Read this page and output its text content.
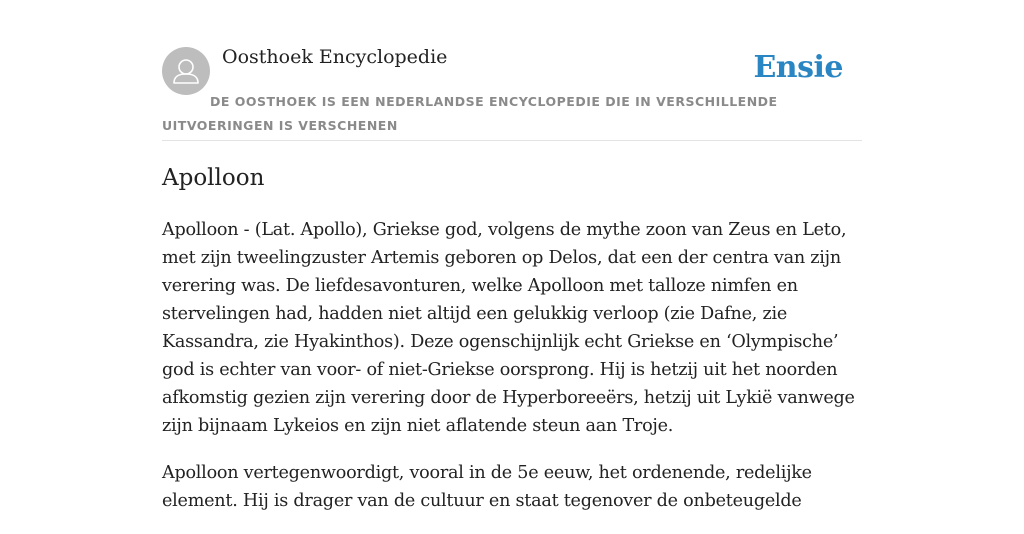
Oosthoek Encyclopedie	Ensie
DE OOSTHOEK IS EEN NEDERLANDSE ENCYCLOPEDIE DIE IN VERSCHILLENDE UITVOERINGEN IS VERSCHENEN
Apolloon

Apolloon - (Lat. Apollo), Griekse god, volgens de mythe zoon van Zeus en Leto, met zijn tweelingzuster Artemis geboren op Delos, dat een der centra van zijn verering was. De liefdesavonturen, welke Apolloon met talloze nimfen en stervelingen had, hadden niet altijd een gelukkig verloop (zie Dafne, zie Kassandra, zie Hyakinthos). Deze ogenschijnlijk echt Griekse en ‘Olympische’ god is echter van voor- of niet-Griekse oorsprong. Hij is hetzij uit het noorden afkomstig gezien zijn verering door de Hyperboreeërs, hetzij uit Lykië vanwege zijn bijnaam Lykeios en zijn niet aflatende steun aan Troje.

Apolloon vertegenwoordigt, vooral in de 5e eeuw, het ordenende, redelijke element. Hij is drager van de cultuur en staat tegenover de onbeteugelde
